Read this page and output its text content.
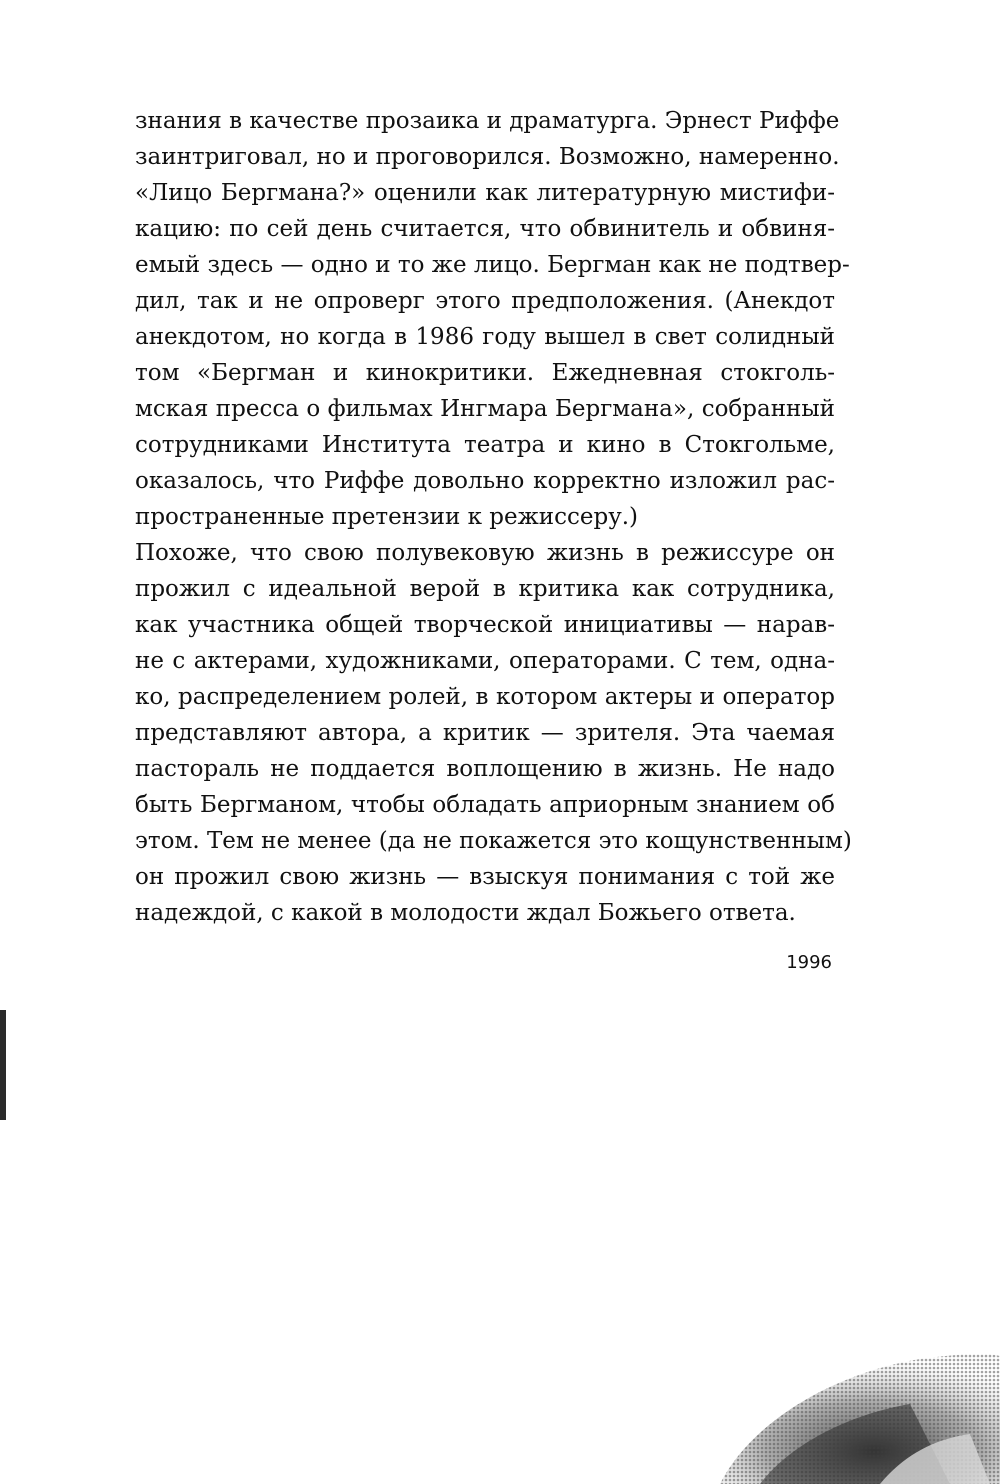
знания в качестве прозаика и драматурга. Эрнест Риффе
заинтриговал, но и проговорился. Возможно, намеренно.
«Лицо Бергмана?» оценили как литературную мистифи-
кацию: по сей день считается, что обвинитель и обвиня-
емый здесь — одно и то же лицо. Бергман как не подтвер-
дил, так и не опроверг этого предположения. (Анекдот
анекдотом, но когда в 1986 году вышел в свет солидный
том «Бергман и кинокритики. Ежедневная стокголь-
мская пресса о фильмах Ингмара Бергмана», собранный
сотрудниками Института театра и кино в Стокгольме,
оказалось, что Риффе довольно корректно изложил рас-
пространенные претензии к режиссеру.)
Похоже, что свою полувековую жизнь в режиссуре он
прожил с идеальной верой в критика как сотрудника,
как участника общей творческой инициативы — нарав-
не с актерами, художниками, операторами. С тем, одна-
ко, распределением ролей, в котором актеры и оператор
представляют автора, а критик — зрителя. Эта чаемая
пастораль не поддается воплощению в жизнь. Не надо
быть Бергманом, чтобы обладать априорным знанием об
этом. Тем не менее (да не покажется это кощунственным)
он прожил свою жизнь — взыскуя понимания с той же
надеждой, с какой в молодости ждал Божьего ответа.
1996
